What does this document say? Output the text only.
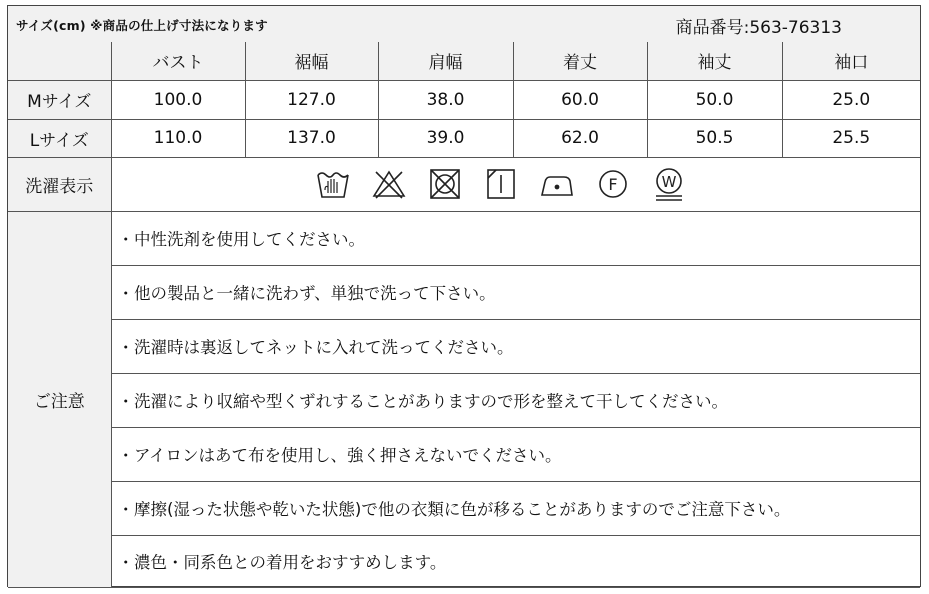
サイズ(cm) ※商品の仕上げ寸法になります	商品番号:563-76313
	バスト	裾幅	肩幅	着丈	袖丈	袖口
Mサイズ	100.0	127.0	38.0	60.0	50.0	25.0
Lサイズ	110.0	137.0	39.0	62.0	50.5	25.5
洗濯表示	F W					

ご注意	・中性洗剤を使用してください。					
	・他の製品と一緒に洗わず、単独で洗って下さい。					
	・洗濯時は裏返してネットに入れて洗ってください。					
	・洗濯により収縮や型くずれすることがありますので形を整えて干してください。					
	・アイロンはあて布を使用し、強く押さえないでください。					
	・摩擦(湿った状態や乾いた状態)で他の衣類に色が移ることがありますのでご注意下さい。					
	・濃色・同系色との着用をおすすめします。					
